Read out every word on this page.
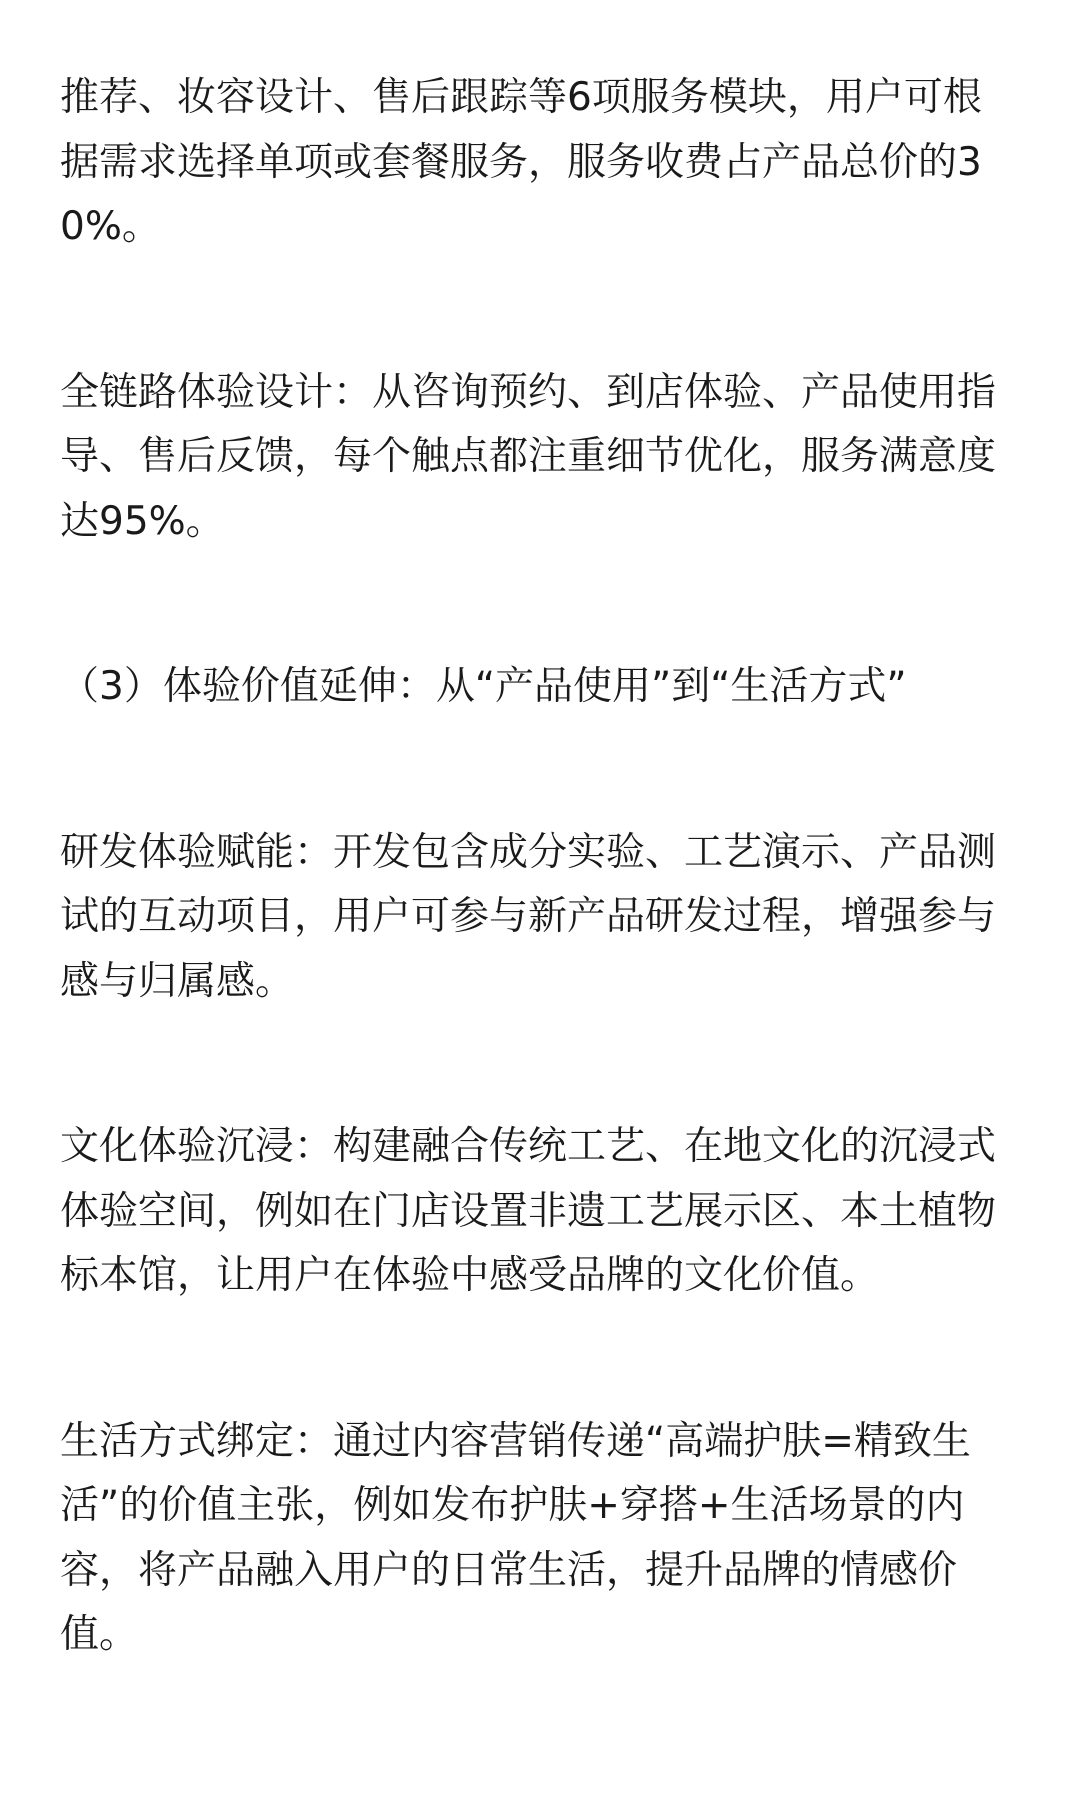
推荐、妆容设计、售后跟踪等6项服务模块，用户可根
据需求选择单项或套餐服务，服务收费占产品总价的3
0%。

全链路体验设计：从咨询预约、到店体验、产品使用指
导、售后反馈，每个触点都注重细节优化，服务满意度
达95%。

（3）体验价值延伸：从“产品使用”到“生活方式”

研发体验赋能：开发包含成分实验、工艺演示、产品测
试的互动项目，用户可参与新产品研发过程，增强参与
感与归属感。

文化体验沉浸：构建融合传统工艺、在地文化的沉浸式
体验空间，例如在门店设置非遗工艺展示区、本土植物
标本馆，让用户在体验中感受品牌的文化价值。

生活方式绑定：通过内容营销传递“高端护肤=精致生
活”的价值主张，例如发布护肤+穿搭+生活场景的内
容，将产品融入用户的日常生活，提升品牌的情感价
值。
